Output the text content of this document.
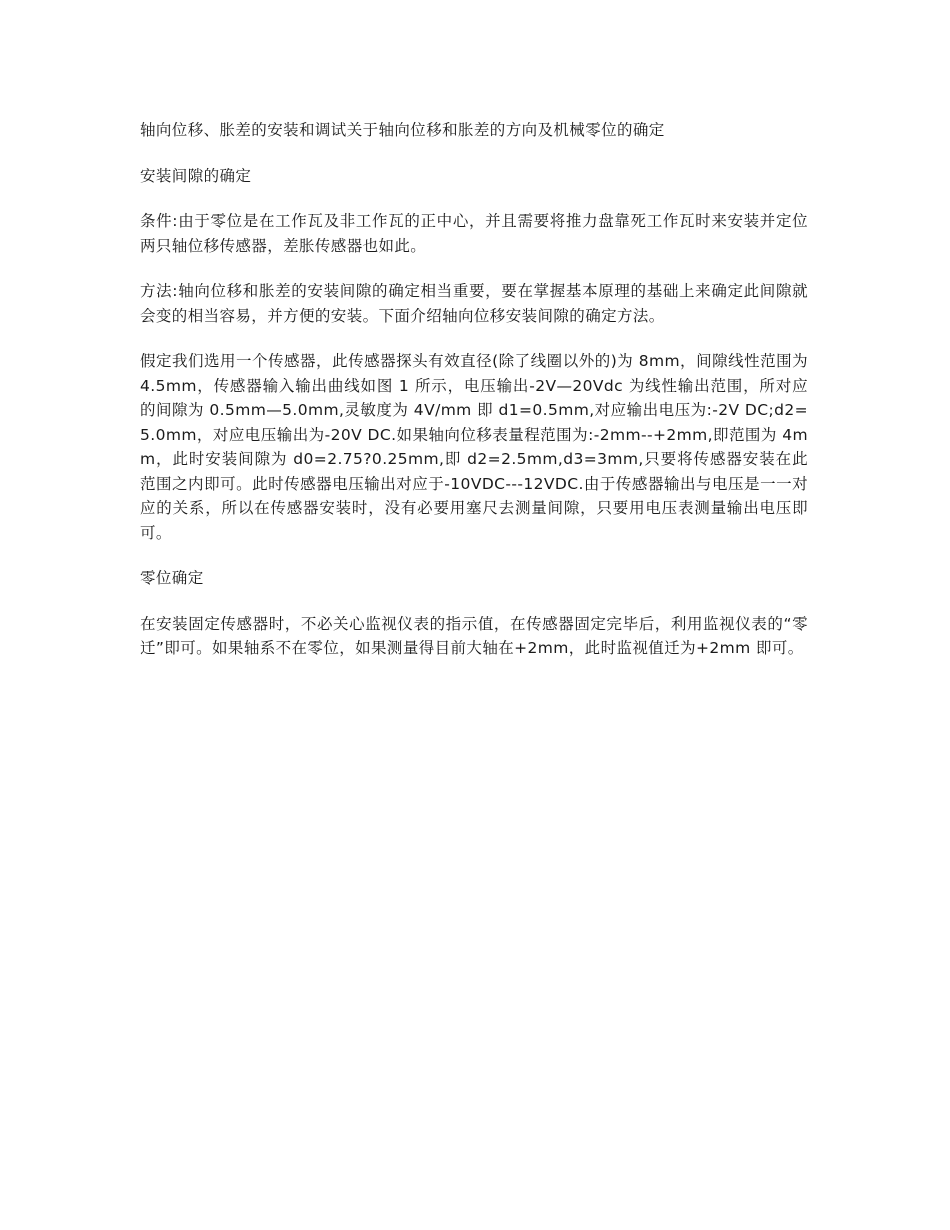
轴向位移、胀差的安装和调试关于轴向位移和胀差的方向及机械零位的确定

安装间隙的确定

条件:由于零位是在工作瓦及非工作瓦的正中心，并且需要将推力盘靠死工作瓦时来安装并定位两只轴位移传感器，差胀传感器也如此。

方法:轴向位移和胀差的安装间隙的确定相当重要，要在掌握基本原理的基础上来确定此间隙就会变的相当容易，并方便的安装。下面介绍轴向位移安装间隙的确定方法。

假定我们选用一个传感器，此传感器探头有效直径(除了线圈以外的)为 8mm，间隙线性范围为 4.5mm，传感器输入输出曲线如图 1 所示，电压输出-2V—20Vdc 为线性输出范围，所对应的间隙为 0.5mm—5.0mm,灵敏度为 4V/mm 即 d1=0.5mm,对应输出电压为:-2V DC;d2=5.0mm，对应电压输出为-20V DC.如果轴向位移表量程范围为:-2mm--+2mm,即范围为 4mm，此时安装间隙为 d0=2.75?0.25mm,即 d2=2.5mm,d3=3mm,只要将传感器安装在此范围之内即可。此时传感器电压输出对应于-10VDC---12VDC.由于传感器输出与电压是一一对应的关系，所以在传感器安装时，没有必要用塞尺去测量间隙，只要用电压表测量输出电压即可。

零位确定

在安装固定传感器时，不必关心监视仪表的指示值，在传感器固定完毕后，利用监视仪表的“零迁”即可。如果轴系不在零位，如果测量得目前大轴在+2mm，此时监视值迁为+2mm 即可。
